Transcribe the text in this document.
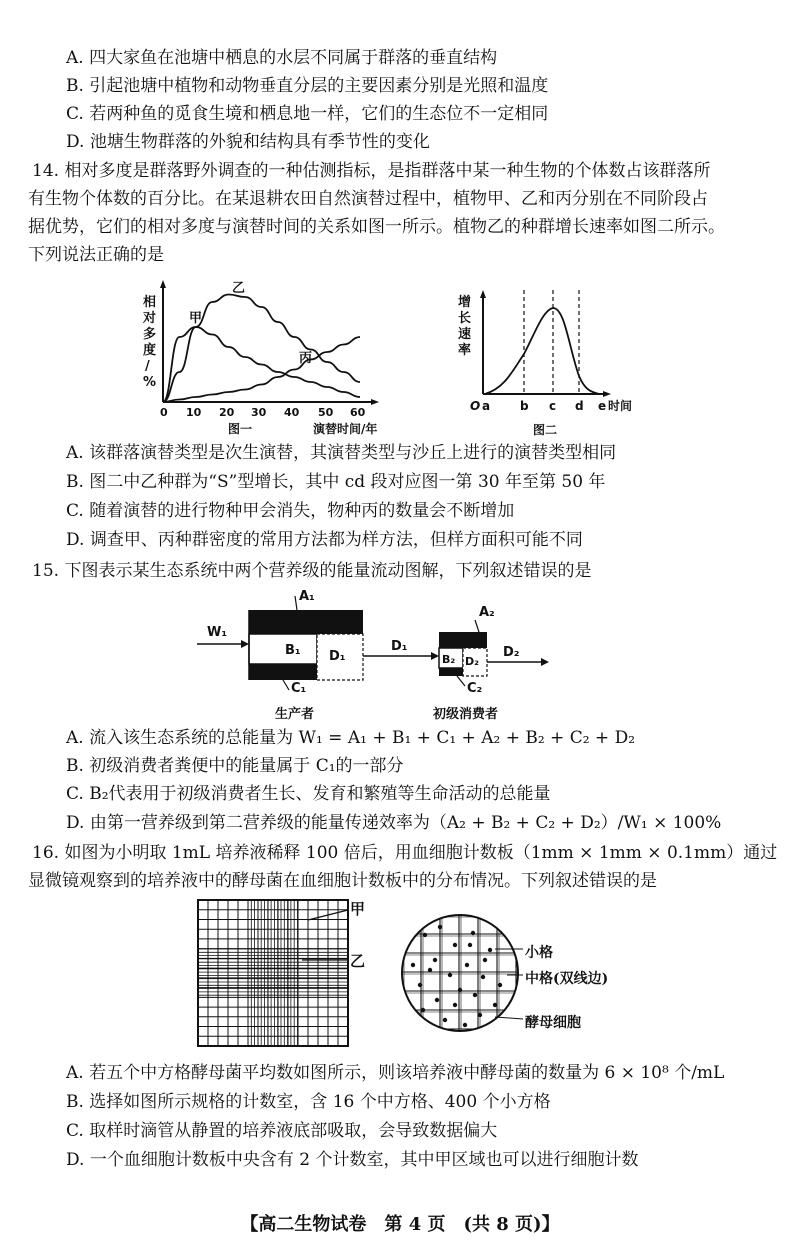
A. 四大家鱼在池塘中栖息的水层不同属于群落的垂直结构
B. 引起池塘中植物和动物垂直分层的主要因素分别是光照和温度
C. 若两种鱼的觅食生境和栖息地一样，它们的生态位不一定相同
D. 池塘生物群落的外貌和结构具有季节性的变化
14. 相对多度是群落野外调查的一种估测指标，是指群落中某一种生物的个体数占该群落所
有生物个体数的百分比。在某退耕农田自然演替过程中，植物甲、乙和丙分别在不同阶段占
据优势，它们的相对多度与演替时间的关系如图一所示。植物乙的种群增长速率如图二所示。
下列说法正确的是
相
对
多
度
/
%
甲
乙
丙
0 10 20 30 40 50 60
图一	演替时间/年
增
长
速
率
O a b c d e 时间
图二
A. 该群落演替类型是次生演替，其演替类型与沙丘上进行的演替类型相同
B. 图二中乙种群为“S”型增长，其中 cd 段对应图一第 30 年至第 50 年
C. 随着演替的进行物种甲会消失，物种丙的数量会不断增加
D. 调查甲、丙种群密度的常用方法都为样方法，但样方面积可能不同
15. 下图表示某生态系统中两个营养级的能量流动图解，下列叙述错误的是
W₁
B₁ D₁
A₁
C₁
D₁
B₂ D₂
A₂
C₂
D₂
生产者	初级消费者
A. 流入该生态系统的总能量为 W₁ = A₁ + B₁ + C₁ + A₂ + B₂ + C₂ + D₂
B. 初级消费者粪便中的能量属于 C₁的一部分
C. B₂代表用于初级消费者生长、发育和繁殖等生命活动的总能量
D. 由第一营养级到第二营养级的能量传递效率为（A₂ + B₂ + C₂ + D₂）/W₁ × 100%
16. 如图为小明取 1mL 培养液稀释 100 倍后，用血细胞计数板（1mm × 1mm × 0.1mm）通过
显微镜观察到的培养液中的酵母菌在血细胞计数板中的分布情况。下列叙述错误的是
甲
乙	小格
中格(双线边)
酵母细胞
A. 若五个中方格酵母菌平均数如图所示，则该培养液中酵母菌的数量为 6 × 10⁸ 个/mL
B. 选择如图所示规格的计数室，含 16 个中方格、400 个小方格
C. 取样时滴管从静置的培养液底部吸取，会导致数据偏大
D. 一个血细胞计数板中央含有 2 个计数室，其中甲区域也可以进行细胞计数
【高二生物试卷　第 4 页　(共 8 页)】
